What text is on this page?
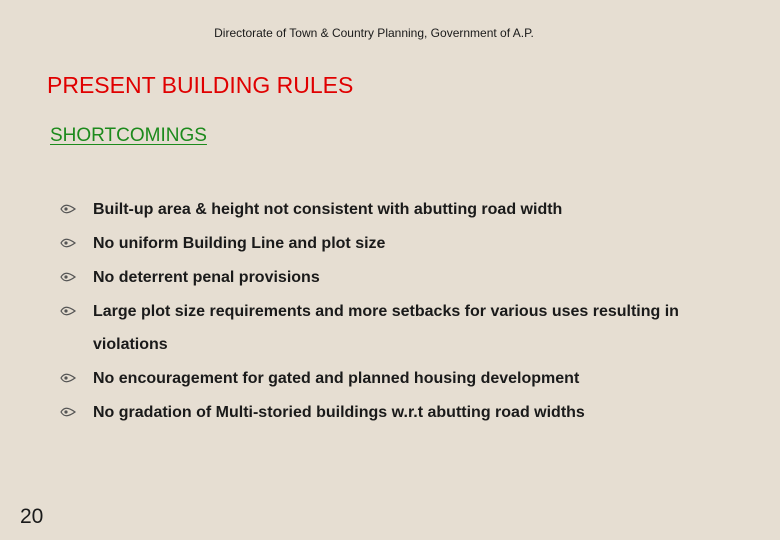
Directorate of Town & Country Planning, Government of A.P.
PRESENT BUILDING RULES
SHORTCOMINGS
Built-up area & height not consistent with abutting road width
No uniform Building Line and plot size
No deterrent penal provisions
Large plot size requirements and more setbacks for various uses resulting in violations
No encouragement for gated and planned housing development
No gradation of Multi-storied buildings w.r.t abutting road widths
20
